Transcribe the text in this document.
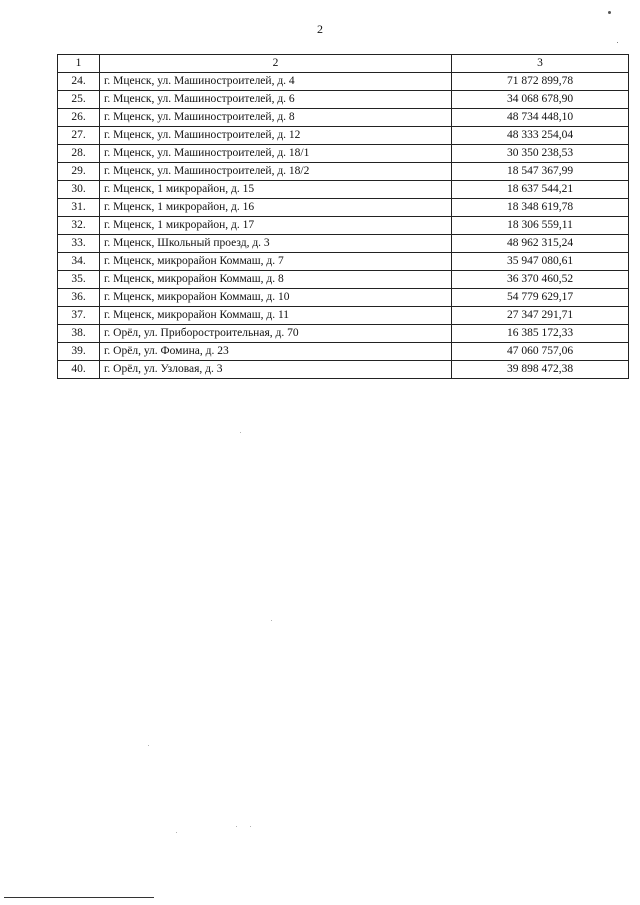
2
1	2	3
24.	г. Мценск, ул. Машиностроителей, д. 4	71 872 899,78
25.	г. Мценск, ул. Машиностроителей, д. 6	34 068 678,90
26.	г. Мценск, ул. Машиностроителей, д. 8	48 734 448,10
27.	г. Мценск, ул. Машиностроителей, д. 12	48 333 254,04
28.	г. Мценск, ул. Машиностроителей, д. 18/1	30 350 238,53
29.	г. Мценск, ул. Машиностроителей, д. 18/2	18 547 367,99
30.	г. Мценск, 1 микрорайон, д. 15	18 637 544,21
31.	г. Мценск, 1 микрорайон, д. 16	18 348 619,78
32.	г. Мценск, 1 микрорайон, д. 17	18 306 559,11
33.	г. Мценск, Школьный проезд, д. 3	48 962 315,24
34.	г. Мценск, микрорайон Коммаш, д. 7	35 947 080,61
35.	г. Мценск, микрорайон Коммаш, д. 8	36 370 460,52
36.	г. Мценск, микрорайон Коммаш, д. 10	54 779 629,17
37.	г. Мценск, микрорайон Коммаш, д. 11	27 347 291,71
38.	г. Орёл, ул. Приборостроительная, д. 70	16 385 172,33
39.	г. Орёл, ул. Фомина, д. 23	47 060 757,06
40.	г. Орёл, ул. Узловая, д. 3	39 898 472,38
